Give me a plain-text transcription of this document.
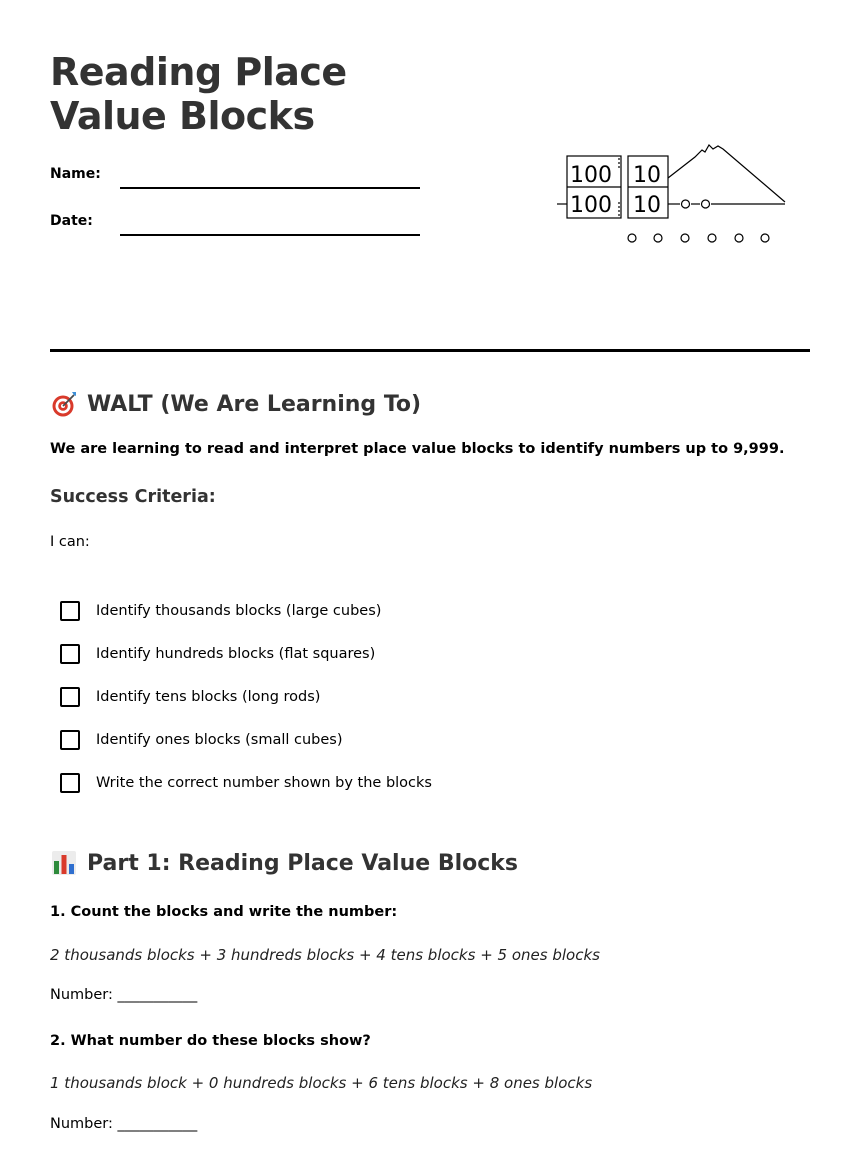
Reading Place Value Blocks
Name:
Date:
100
100
10
10
WALT (We Are Learning To)
We are learning to read and interpret place value blocks to identify numbers up to 9,999.
Success Criteria:
I can:
Identify thousands blocks (large cubes)
Identify hundreds blocks (flat squares)
Identify tens blocks (long rods)
Identify ones blocks (small cubes)
Write the correct number shown by the blocks
Part 1: Reading Place Value Blocks
1. Count the blocks and write the number:
2 thousands blocks + 3 hundreds blocks + 4 tens blocks + 5 ones blocks
Number: ___________
2. What number do these blocks show?
1 thousands block + 0 hundreds blocks + 6 tens blocks + 8 ones blocks
Number: ___________
